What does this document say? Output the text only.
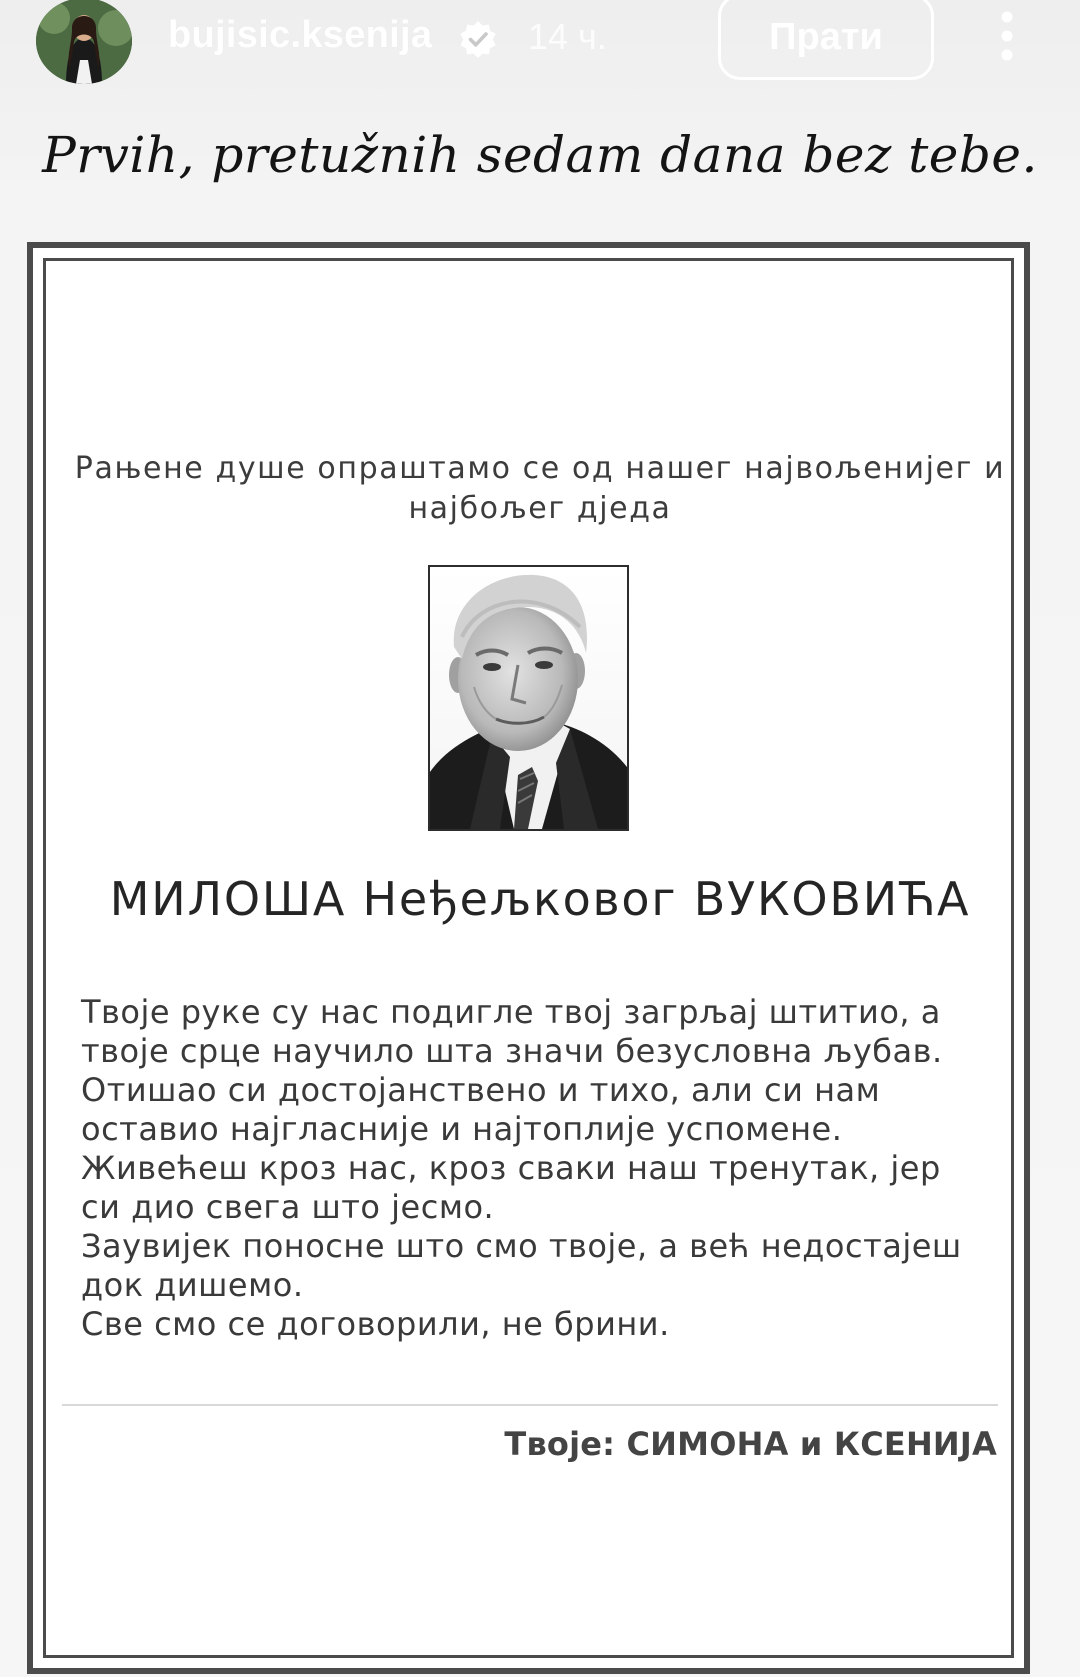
bujisic.ksenija	14 ч.	Прати
Prvih, pretužnih sedam dana bez tebe.
Рањене душе опраштамо се од нашег највољенијег и
најбољег дједа
МИЛОША Нeђељковог ВУКОВИЋА
Твоје руке су нас подигле твој загрљај штитио, а
твоје срце научило шта значи безусловна љубав.
Отишао си достојанствено и тихо, али си нам
оставио најгласније и најтоплије успомене.
Живећеш кроз нас, кроз сваки наш тренутак, јер
си дио свега што јесмо.
Заувијек поносне што смо твоје, а већ недостајеш
док дишемо.
Све смо се договорили, не брини.
Твоје: СИМОНА и КСЕНИЈА
